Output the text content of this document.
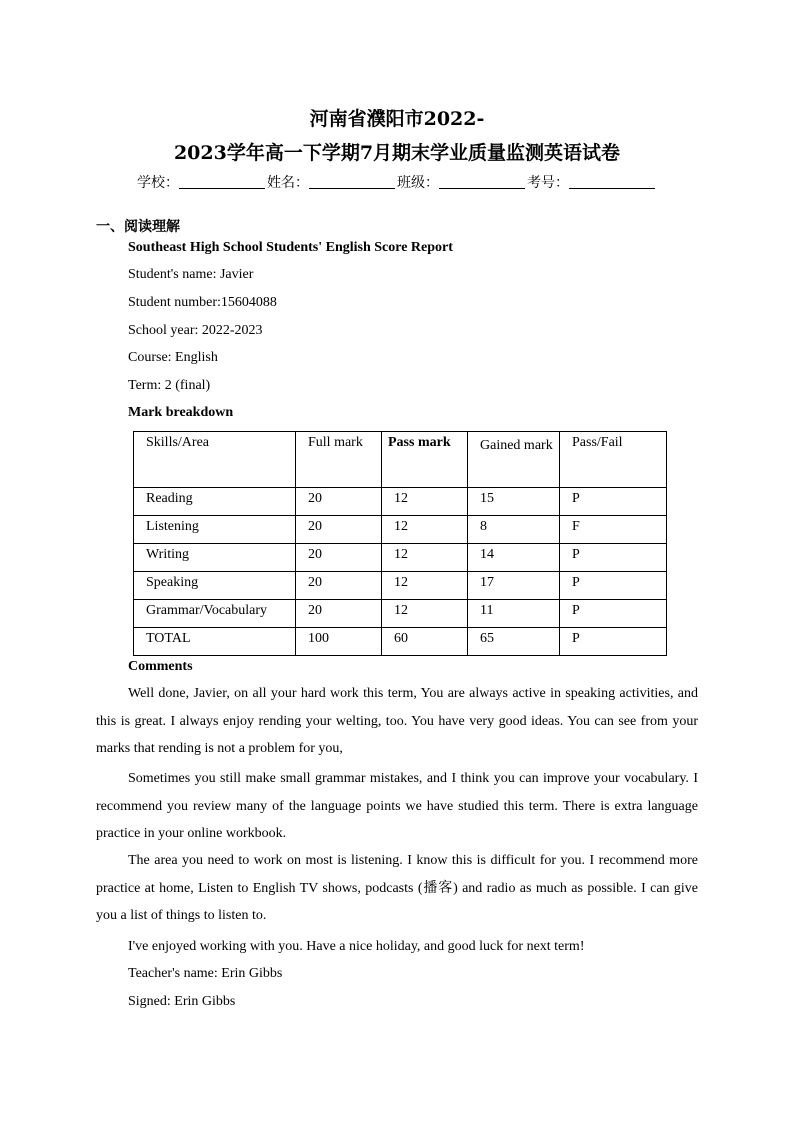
河南省濮阳市2022-
2023学年高一下学期7月期末学业质量监测英语试卷
学校：	姓名：	班级：	考号：
一、阅读理解
Southeast High School Students' English Score Report
Student's name: Javier
Student number:15604088
School year: 2022-2023
Course: English
Term: 2 (final)
Mark breakdown
Skills/Area	Full mark	Pass mark	Gained mark	Pass/Fail

Reading	20	12	15	P

Listening	20	12	8	F

Writing	20	12	14	P

Speaking	20	12	17	P

Grammar/Vocabulary	20	12	11	P

TOTAL	100	60	65	P
Comments
Well done, Javier, on all your hard work this term, You are always active in speaking activities, and this is great. I always enjoy rending your welting, too. You have very good ideas. You can see from your marks that rending is not a problem for you,
Sometimes you still make small grammar mistakes, and I think you can improve your vocabulary. I recommend you review many of the language points we have studied this term. There is extra language practice in your online workbook.
The area you need to work on most is listening. I know this is difficult for you. I recommend more practice at home, Listen to English TV shows, podcasts (播客) and radio as much as possible. I can give you a list of things to listen to.
I've enjoyed working with you. Have a nice holiday, and good luck for next term!
Teacher's name: Erin Gibbs
Signed: Erin Gibbs
